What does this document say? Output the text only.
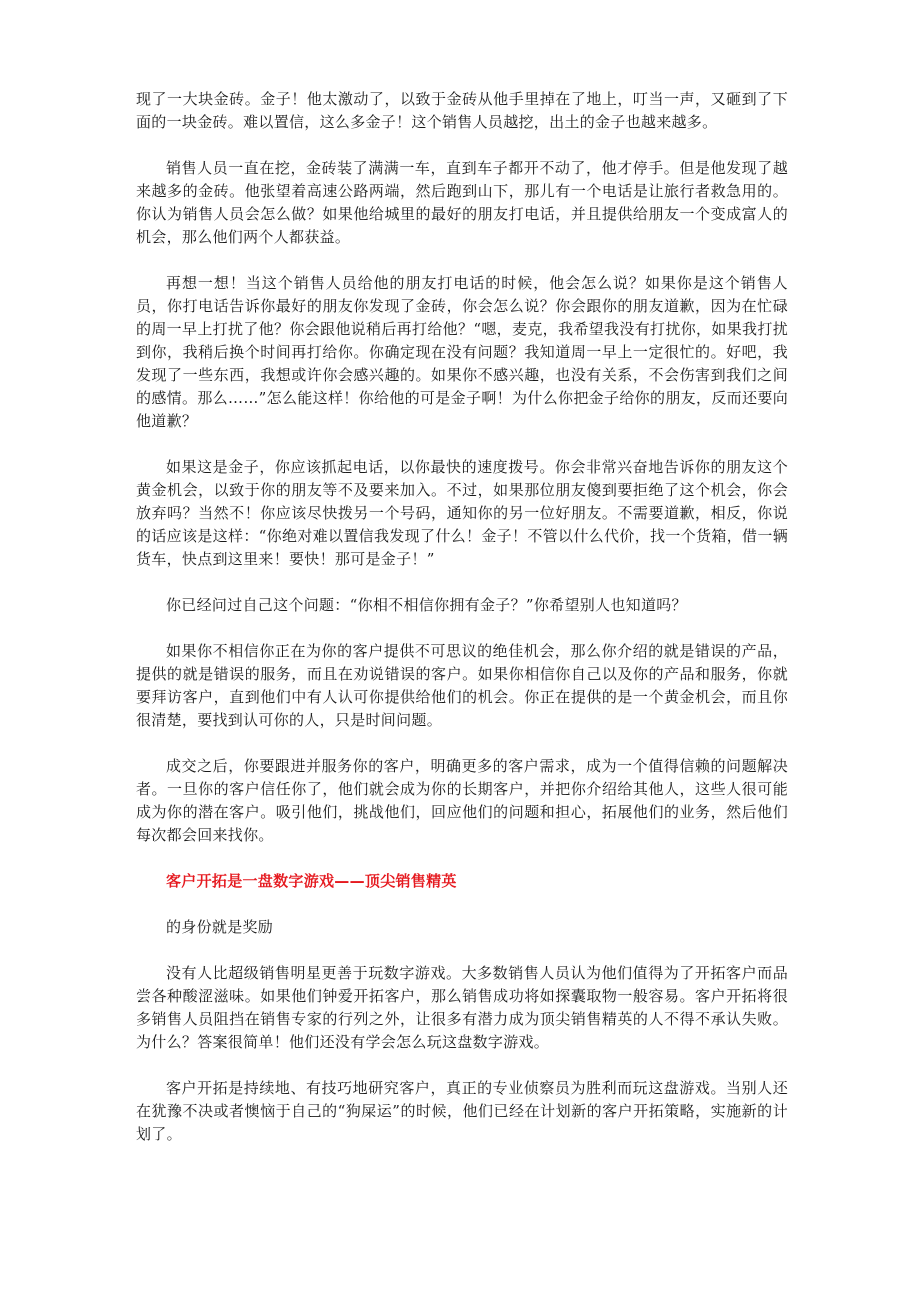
现了一大块金砖。金子！他太激动了，以致于金砖从他手里掉在了地上，叮当一声，又砸到了下面的一块金砖。难以置信，这么多金子！这个销售人员越挖，出土的金子也越来越多。

销售人员一直在挖，金砖装了满满一车，直到车子都开不动了，他才停手。但是他发现了越来越多的金砖。他张望着高速公路两端，然后跑到山下，那儿有一个电话是让旅行者救急用的。你认为销售人员会怎么做？如果他给城里的最好的朋友打电话，并且提供给朋友一个变成富人的机会，那么他们两个人都获益。

再想一想！当这个销售人员给他的朋友打电话的时候，他会怎么说？如果你是这个销售人员，你打电话告诉你最好的朋友你发现了金砖，你会怎么说？你会跟你的朋友道歉，因为在忙碌的周一早上打扰了他？你会跟他说稍后再打给他？“嗯，麦克，我希望我没有打扰你，如果我打扰到你，我稍后换个时间再打给你。你确定现在没有问题？我知道周一早上一定很忙的。好吧，我发现了一些东西，我想或许你会感兴趣的。如果你不感兴趣，也没有关系，不会伤害到我们之间的感情。那么……”怎么能这样！你给他的可是金子啊！为什么你把金子给你的朋友，反而还要向他道歉？

如果这是金子，你应该抓起电话，以你最快的速度拨号。你会非常兴奋地告诉你的朋友这个黄金机会，以致于你的朋友等不及要来加入。不过，如果那位朋友傻到要拒绝了这个机会，你会放弃吗？当然不！你应该尽快拨另一个号码，通知你的另一位好朋友。不需要道歉，相反，你说的话应该是这样：“你绝对难以置信我发现了什么！金子！不管以什么代价，找一个货箱，借一辆货车，快点到这里来！要快！那可是金子！”

你已经问过自己这个问题：“你相不相信你拥有金子？”你希望别人也知道吗？

如果你不相信你正在为你的客户提供不可思议的绝佳机会，那么你介绍的就是错误的产品，提供的就是错误的服务，而且在劝说错误的客户。如果你相信你自己以及你的产品和服务，你就要拜访客户，直到他们中有人认可你提供给他们的机会。你正在提供的是一个黄金机会，而且你很清楚，要找到认可你的人，只是时间问题。

成交之后，你要跟进并服务你的客户，明确更多的客户需求，成为一个值得信赖的问题解决者。一旦你的客户信任你了，他们就会成为你的长期客户，并把你介绍给其他人，这些人很可能成为你的潜在客户。吸引他们，挑战他们，回应他们的问题和担心，拓展他们的业务，然后他们每次都会回来找你。

客户开拓是一盘数字游戏——顶尖销售精英

的身份就是奖励

没有人比超级销售明星更善于玩数字游戏。大多数销售人员认为他们值得为了开拓客户而品尝各种酸涩滋味。如果他们钟爱开拓客户，那么销售成功将如探囊取物一般容易。客户开拓将很多销售人员阻挡在销售专家的行列之外，让很多有潜力成为顶尖销售精英的人不得不承认失败。为什么？答案很简单！他们还没有学会怎么玩这盘数字游戏。

客户开拓是持续地、有技巧地研究客户，真正的专业侦察员为胜利而玩这盘游戏。当别人还在犹豫不决或者懊恼于自己的“狗屎运”的时候，他们已经在计划新的客户开拓策略，实施新的计划了。
